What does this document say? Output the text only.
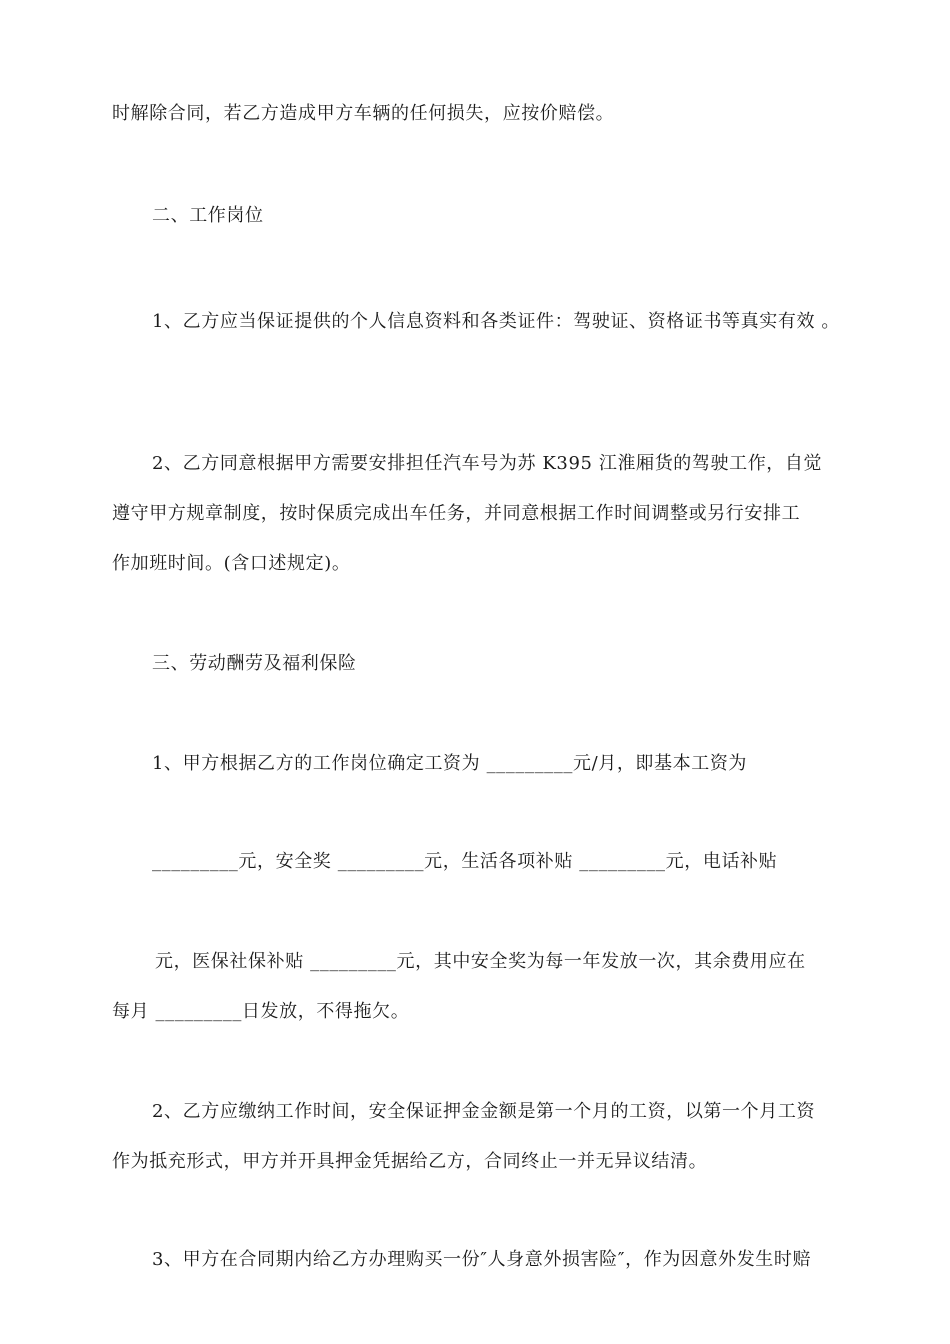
时解除合同，若乙方造成甲方车辆的任何损失，应按价赔偿。
二、工作岗位
1、乙方应当保证提供的个人信息资料和各类证件：驾驶证、资格证书等真实有效 。
2、乙方同意根据甲方需要安排担任汽车号为苏 K395 江淮厢货的驾驶工作，自觉
遵守甲方规章制度，按时保质完成出车任务，并同意根据工作时间调整或另行安排工
作加班时间。(含口述规定)。
三、劳动酬劳及福利保险
1、甲方根据乙方的工作岗位确定工资为 _________元/月，即基本工资为
_________元，安全奖 _________元，生活各项补贴 _________元，电话补贴
元，医保社保补贴 _________元，其中安全奖为每一年发放一次，其余费用应在
每月 _________日发放，不得拖欠。
2、乙方应缴纳工作时间，安全保证押金金额是第一个月的工资，以第一个月工资
作为抵充形式，甲方并开具押金凭据给乙方，合同终止一并无异议结清。
3、甲方在合同期内给乙方办理购买一份″人身意外损害险″，作为因意外发生时赔
